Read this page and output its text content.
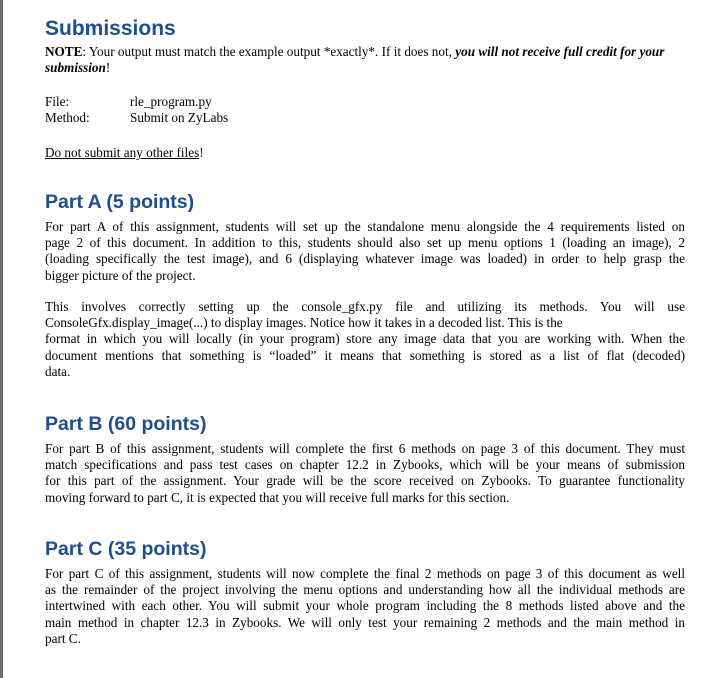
Submissions
NOTE: Your output must match the example output *exactly*. If it does not, you will not receive full credit for your submission!
File:	rle_program.py
Method:	Submit on ZyLabs
Do not submit any other files!
Part A (5 points)
For part A of this assignment, students will set up the standalone menu alongside the 4 requirements listed on
page 2 of this document. In addition to this, students should also set up menu options 1 (loading an image), 2
(loading specifically the test image), and 6 (displaying whatever image was loaded) in order to help grasp the
bigger picture of the project.
This involves correctly setting up the console_gfx.py file and utilizing its methods. You will use
ConsoleGfx.display_image(...) to display images. Notice how it takes in a decoded list. This is the
format in which you will locally (in your program) store any image data that you are working with. When the
document mentions that something is “loaded” it means that something is stored as a list of flat (decoded)
data.
Part B (60 points)
For part B of this assignment, students will complete the first 6 methods on page 3 of this document. They must
match specifications and pass test cases on chapter 12.2 in Zybooks, which will be your means of submission
for this part of the assignment. Your grade will be the score received on Zybooks. To guarantee functionality
moving forward to part C, it is expected that you will receive full marks for this section.
Part C (35 points)
For part C of this assignment, students will now complete the final 2 methods on page 3 of this document as well
as the remainder of the project involving the menu options and understanding how all the individual methods are
intertwined with each other. You will submit your whole program including the 8 methods listed above and the
main method in chapter 12.3 in Zybooks. We will only test your remaining 2 methods and the main method in
part C.
